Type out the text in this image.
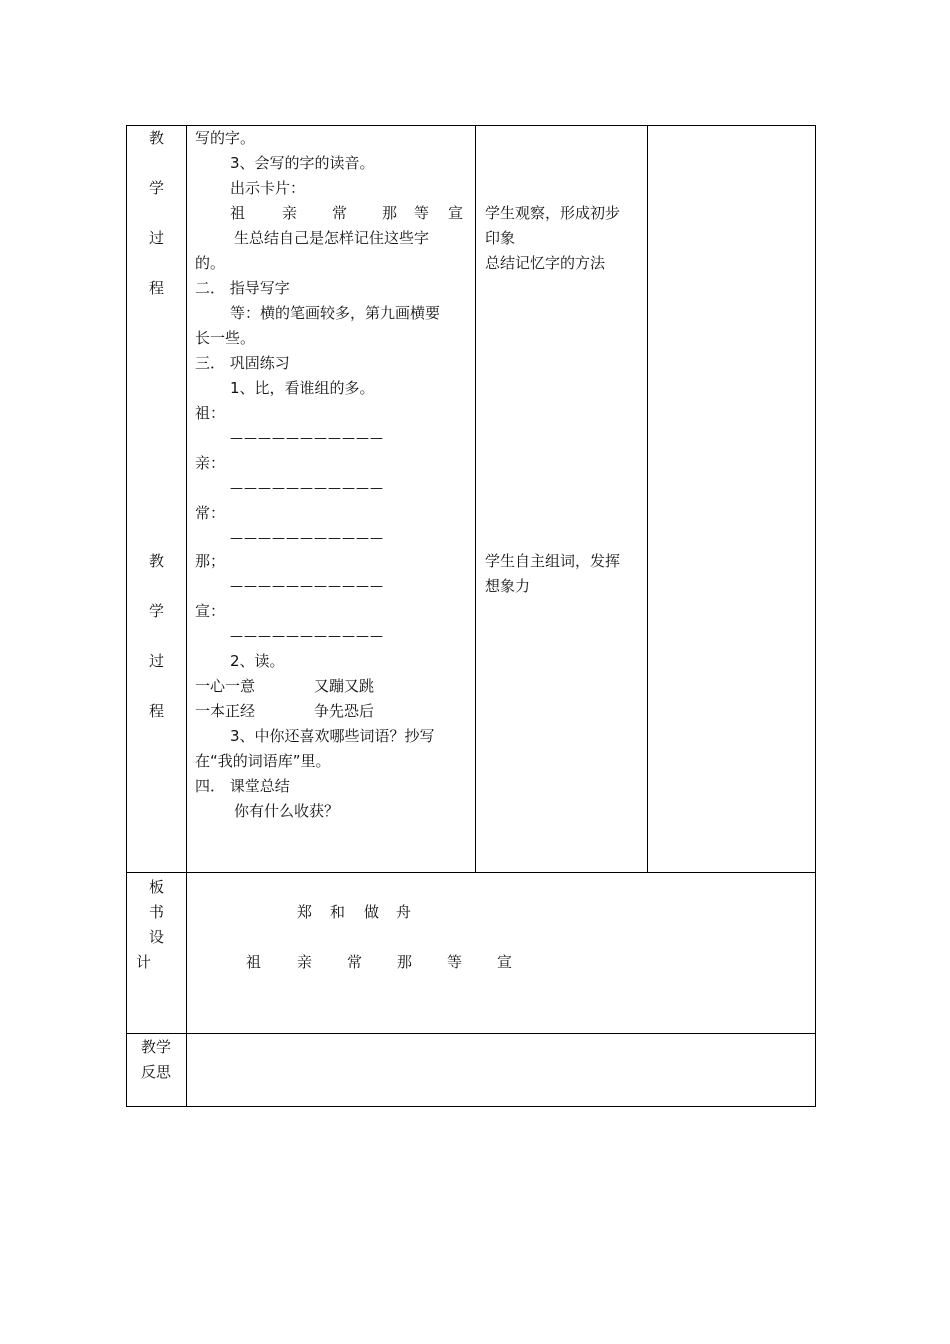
教
学
过
程
教
学
过
程
板
书
设
计
教学
反思
写的字。
3、会写的字的读音。
出示卡片：
祖 亲 常 那 等 宣
生总结自己是怎样记住这些字
的。
二． 指导写字
等：横的笔画较多，第九画横要
长一些。
三． 巩固练习
1、比，看谁组的多。
祖：
———————————
亲：
———————————
常：
———————————
那；
———————————
宣：
———————————
2、读。
一心一意	又蹦又跳
一本正经	争先恐后
3、中你还喜欢哪些词语？抄写
在“我的词语库”里。
四． 课堂总结
你有什么收获？
学生观察，形成初步
印象
总结记忆字的方法
学生自主组词，发挥
想象力
郑 和 做 舟
祖 亲 常 那 等 宣
